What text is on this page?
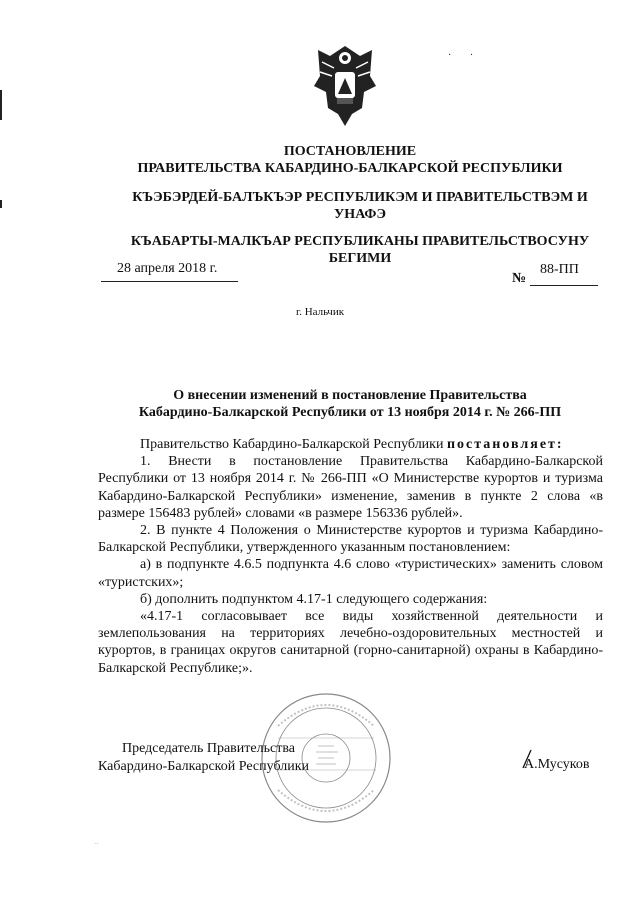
· ·
ПОСТАНОВЛЕНИЕ
ПРАВИТЕЛЬСТВА КАБАРДИНО-БАЛКАРСКОЙ РЕСПУБЛИКИ
КЪЭБЭРДЕЙ-БАЛЪКЪЭР РЕСПУБЛИКЭМ И ПРАВИТЕЛЬСТВЭМ И УНАФЭ
КЪАБАРТЫ-МАЛКЪАР РЕСПУБЛИКАНЫ ПРАВИТЕЛЬСТВОСУНУ БЕГИМИ
28 апреля 2018 г.
№
88-ПП
г. Нальчик
О внесении изменений в постановление Правительства
Кабардино-Балкарской Республики от 13 ноября 2014 г. № 266-ПП

Правительство Кабардино-Балкарской Республики постановляет:

1. Внести в постановление Правительства Кабардино-Балкарской Республики от 13 ноября 2014 г. № 266-ПП «О Министерстве курортов и туризма Кабардино-Балкарской Республики» изменение, заменив в пункте 2 слова «в размере 156483 рублей» словами «в размере 156336 рублей».

2. В пункте 4 Положения о Министерстве курортов и туризма Кабардино-Балкарской Республики, утвержденного указанным постановлением:

а) в подпункте 4.6.5 подпункта 4.6 слово «туристических» заменить словом «туристских»;

б) дополнить подпунктом 4.17-1 следующего содержания:

«4.17-1 согласовывает все виды хозяйственной деятельности и землепользования на территориях лечебно-оздоровительных местностей и курортов, в границах округов санитарной (горно-санитарной) охраны в Кабардино-Балкарской Республике;».

Председатель Правительства
Кабардино-Балкарской Республики	А.Мусуков
··
